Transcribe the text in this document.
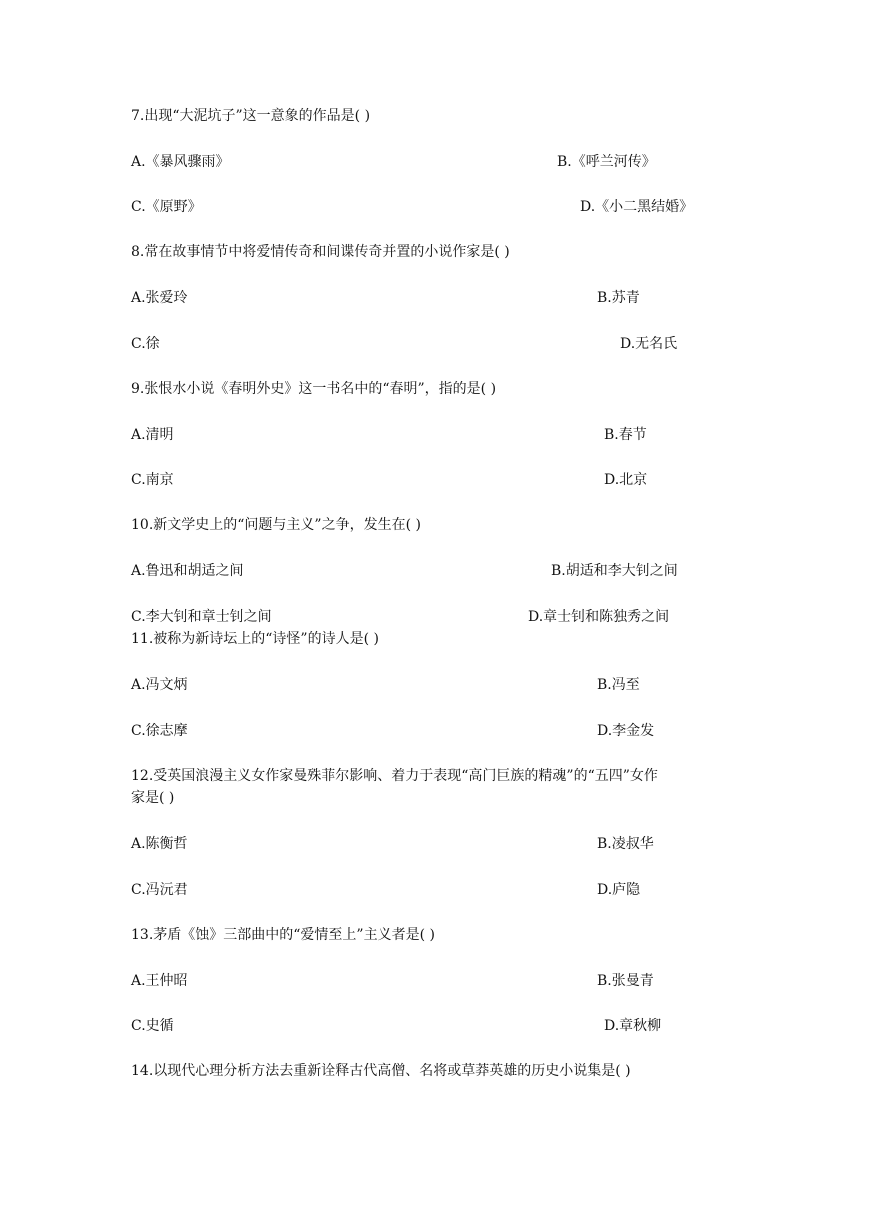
7.出现“大泥坑子”这一意象的作品是( )
A.《暴风骤雨》	B.《呼兰河传》
C.《原野》	D.《小二黑结婚》
8.常在故事情节中将爱情传奇和间谍传奇并置的小说作家是( )
A.张爱玲	B.苏青
C.徐	D.无名氏
9.张恨水小说《春明外史》这一书名中的“春明”，指的是( )
A.清明	B.春节
C.南京	D.北京
10.新文学史上的“问题与主义”之争，发生在( )
A.鲁迅和胡适之间	B.胡适和李大钊之间
C.李大钊和章士钊之间	D.章士钊和陈独秀之间
11.被称为新诗坛上的“诗怪”的诗人是( )
A.冯文炳	B.冯至
C.徐志摩	D.李金发
12.受英国浪漫主义女作家曼殊菲尔影响、着力于表现“高门巨族的精魂”的“五四”女作
家是( )
A.陈衡哲	B.凌叔华
C.冯沅君	D.庐隐
13.茅盾《蚀》三部曲中的“爱情至上”主义者是( )
A.王仲昭	B.张曼青
C.史循	D.章秋柳
14.以现代心理分析方法去重新诠释古代高僧、名将或草莽英雄的历史小说集是( )
